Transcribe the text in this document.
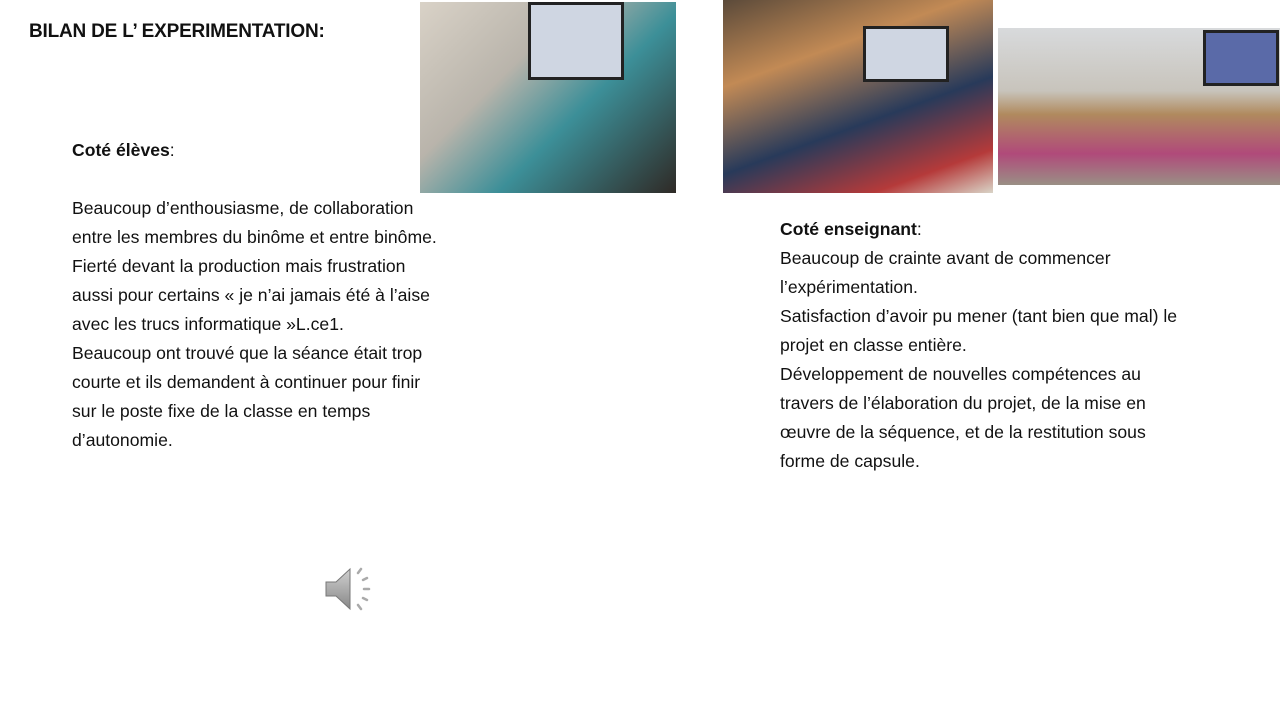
BILAN DE L’ EXPERIMENTATION:
Coté élèves:
Beaucoup d’enthousiasme, de collaboration
entre les membres du binôme et entre binôme.
Fierté devant la production mais frustration
aussi pour certains « je n’ai jamais été à l’aise
avec les trucs informatique »L.ce1.
Beaucoup ont trouvé que la séance était trop
courte et ils demandent à continuer pour finir
sur le poste fixe de la classe en temps
d’autonomie.
Coté enseignant:
Beaucoup de crainte avant de commencer
l’expérimentation.
Satisfaction d’avoir pu mener (tant bien que mal) le
projet en classe entière.
Développement de nouvelles compétences au
travers de l’élaboration du projet, de la mise en
œuvre de la séquence, et de la restitution sous
forme de capsule.
